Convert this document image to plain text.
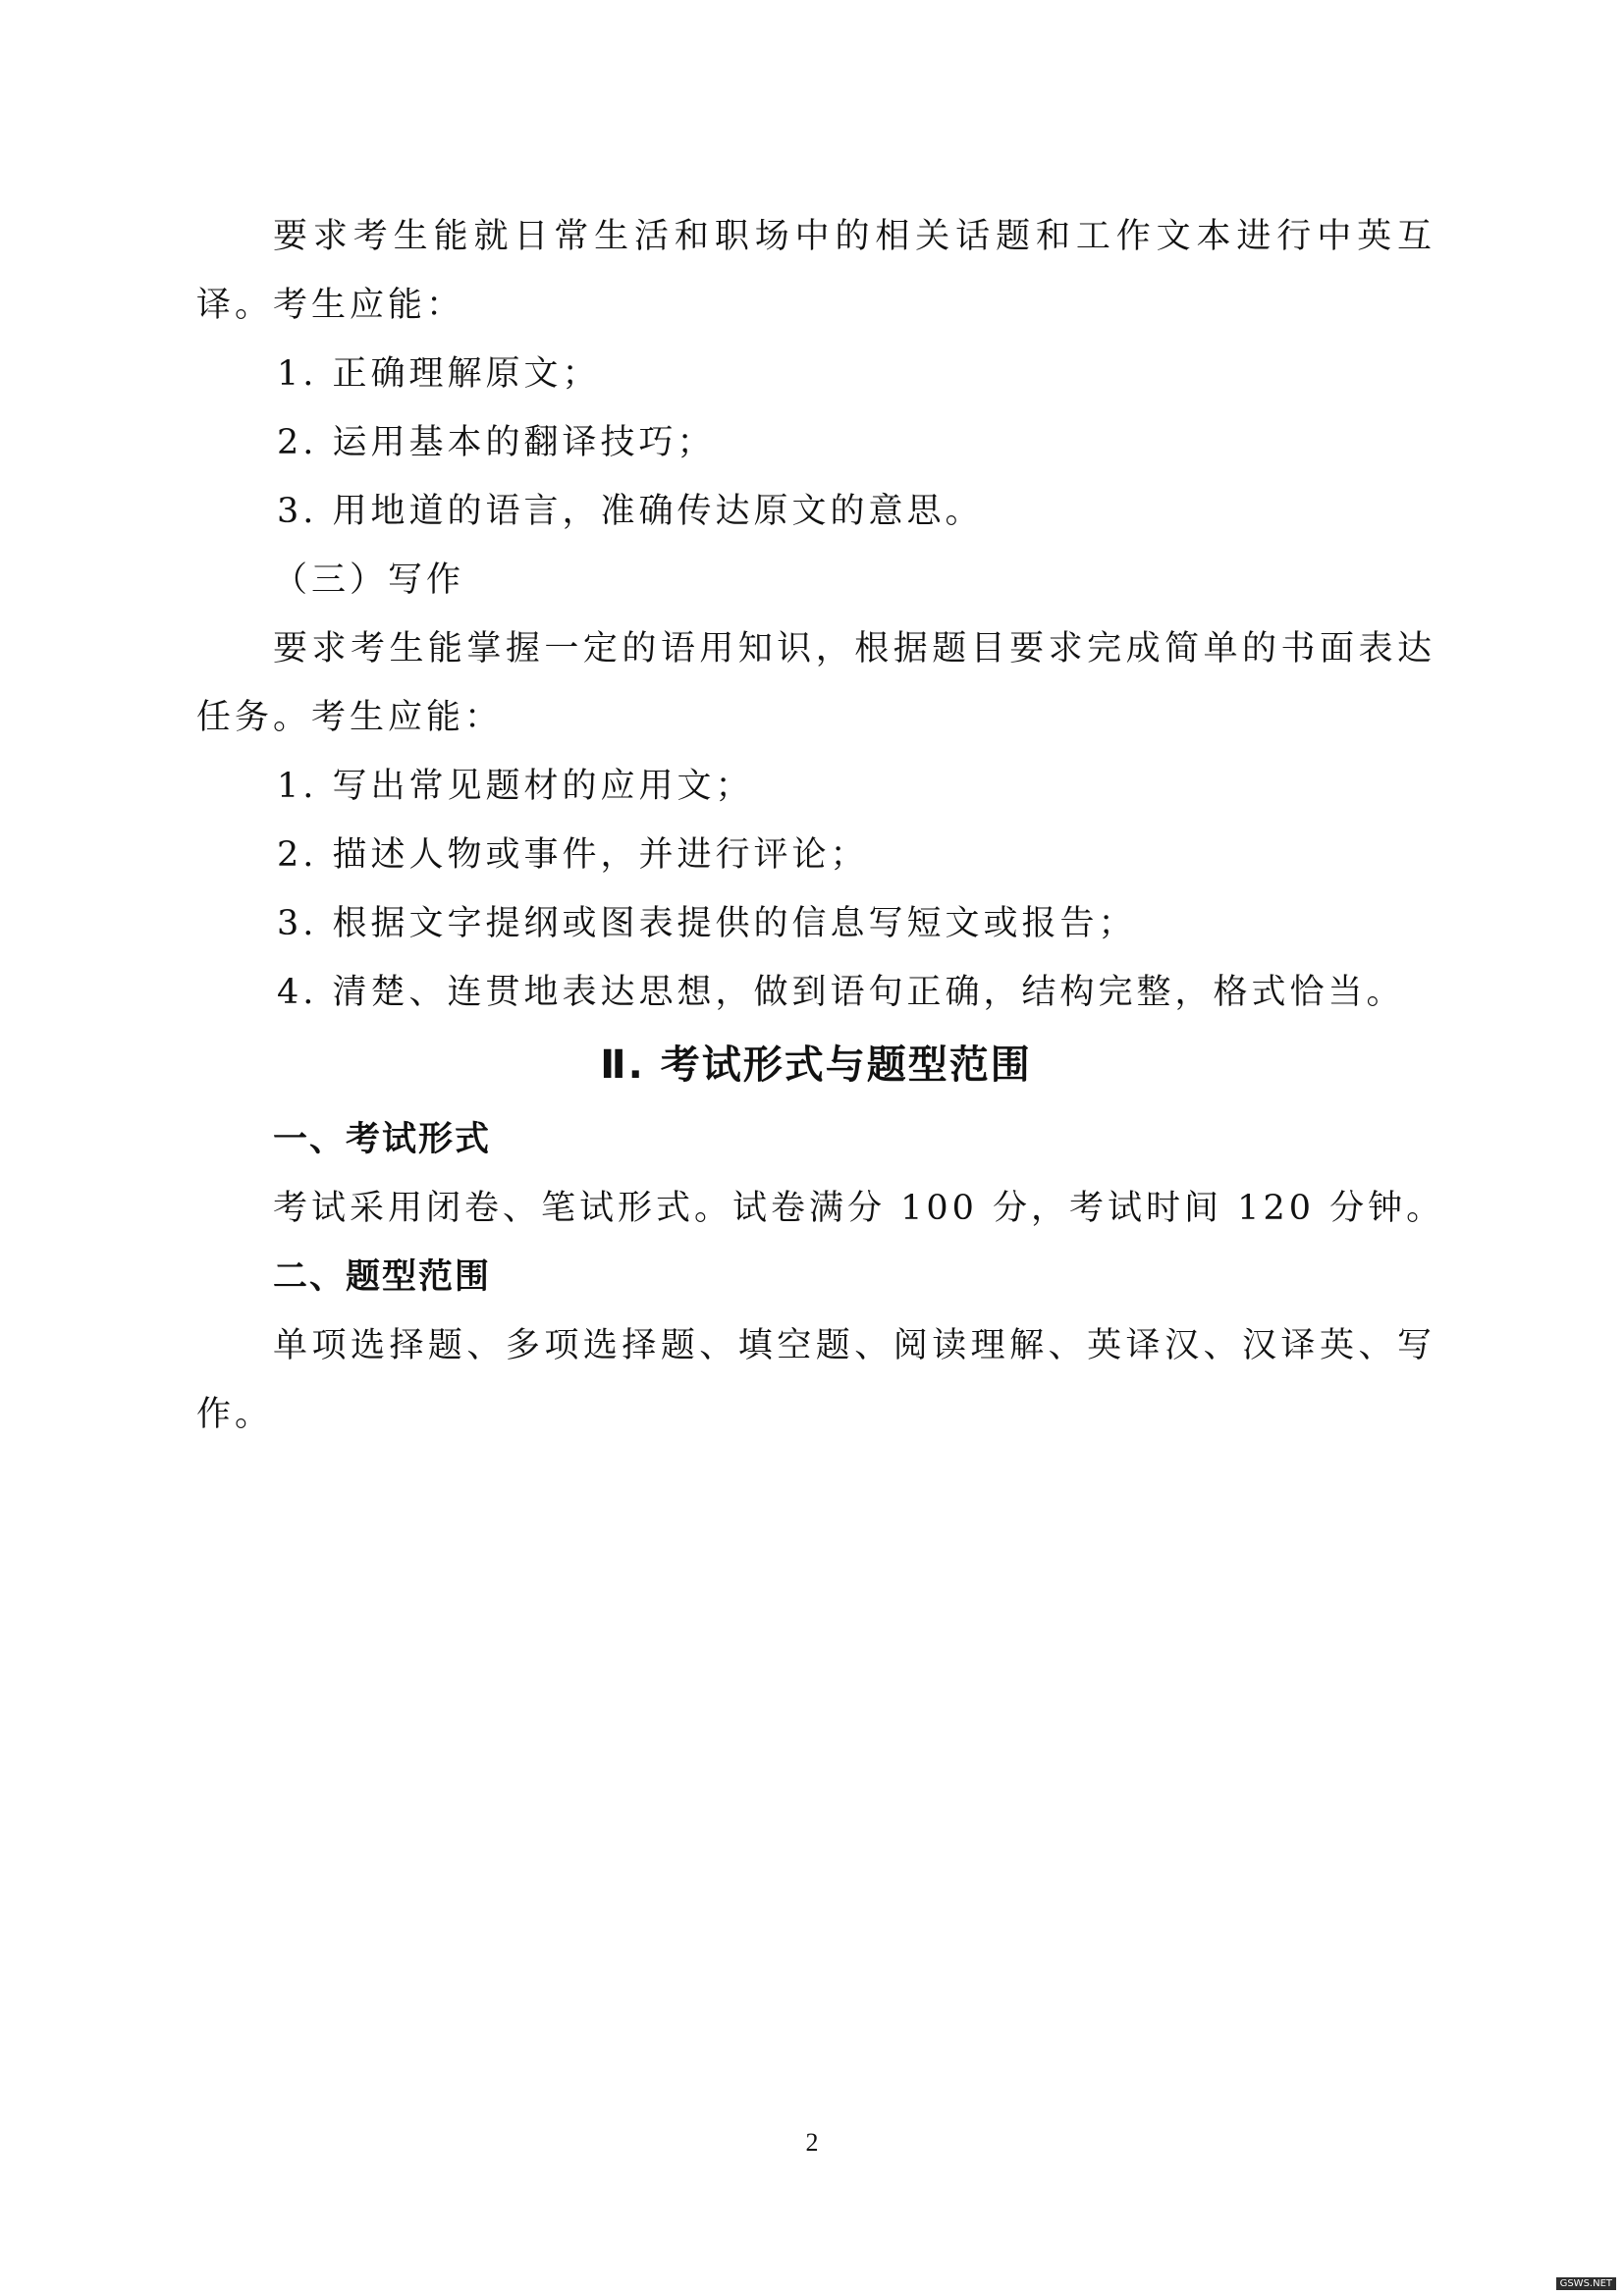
要求考生能就日常生活和职场中的相关话题和工作文本进行中英互
译。考生应能：
1. 正确理解原文；
2. 运用基本的翻译技巧；
3. 用地道的语言，准确传达原文的意思。
（三）写作
要求考生能掌握一定的语用知识，根据题目要求完成简单的书面表达
任务。考生应能：
1. 写出常见题材的应用文；
2. 描述人物或事件，并进行评论；
3. 根据文字提纲或图表提供的信息写短文或报告；
4. 清楚、连贯地表达思想，做到语句正确，结构完整，格式恰当。
Ⅱ. 考试形式与题型范围
一、考试形式
考试采用闭卷、笔试形式。试卷满分 100 分，考试时间 120 分钟。
二、题型范围
单项选择题、多项选择题、填空题、阅读理解、英译汉、汉译英、写
作。
2
GSWS.NET
